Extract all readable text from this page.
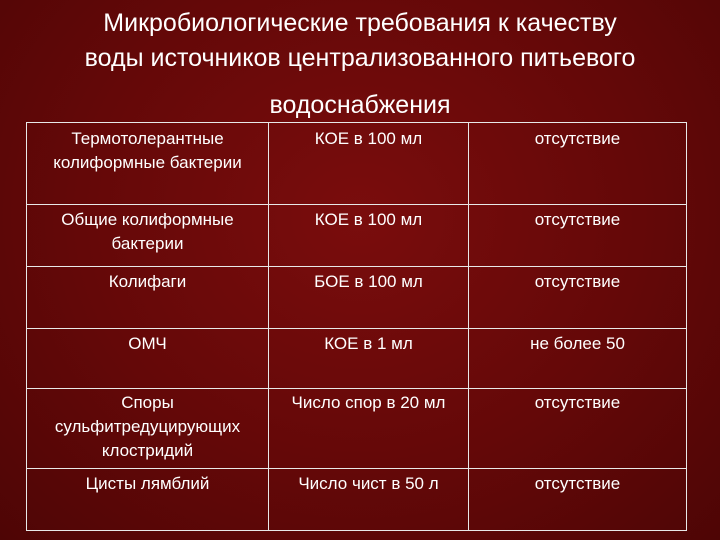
Микробиологические требования к качеству
воды источников централизованного питьевого
водоснабжения
Термотолерантные колиформные бактерии	КОЕ в 100 мл	отсутствие

Общие колиформные бактерии	КОЕ в 100 мл	отсутствие

Колифаги	БОЕ в 100 мл	отсутствие

ОМЧ	КОЕ в 1 мл	не более 50

Споры сульфитредуцирующих клостридий	Число спор в 20 мл	отсутствие

Цисты лямблий	Число чист в 50 л	отсутствие
